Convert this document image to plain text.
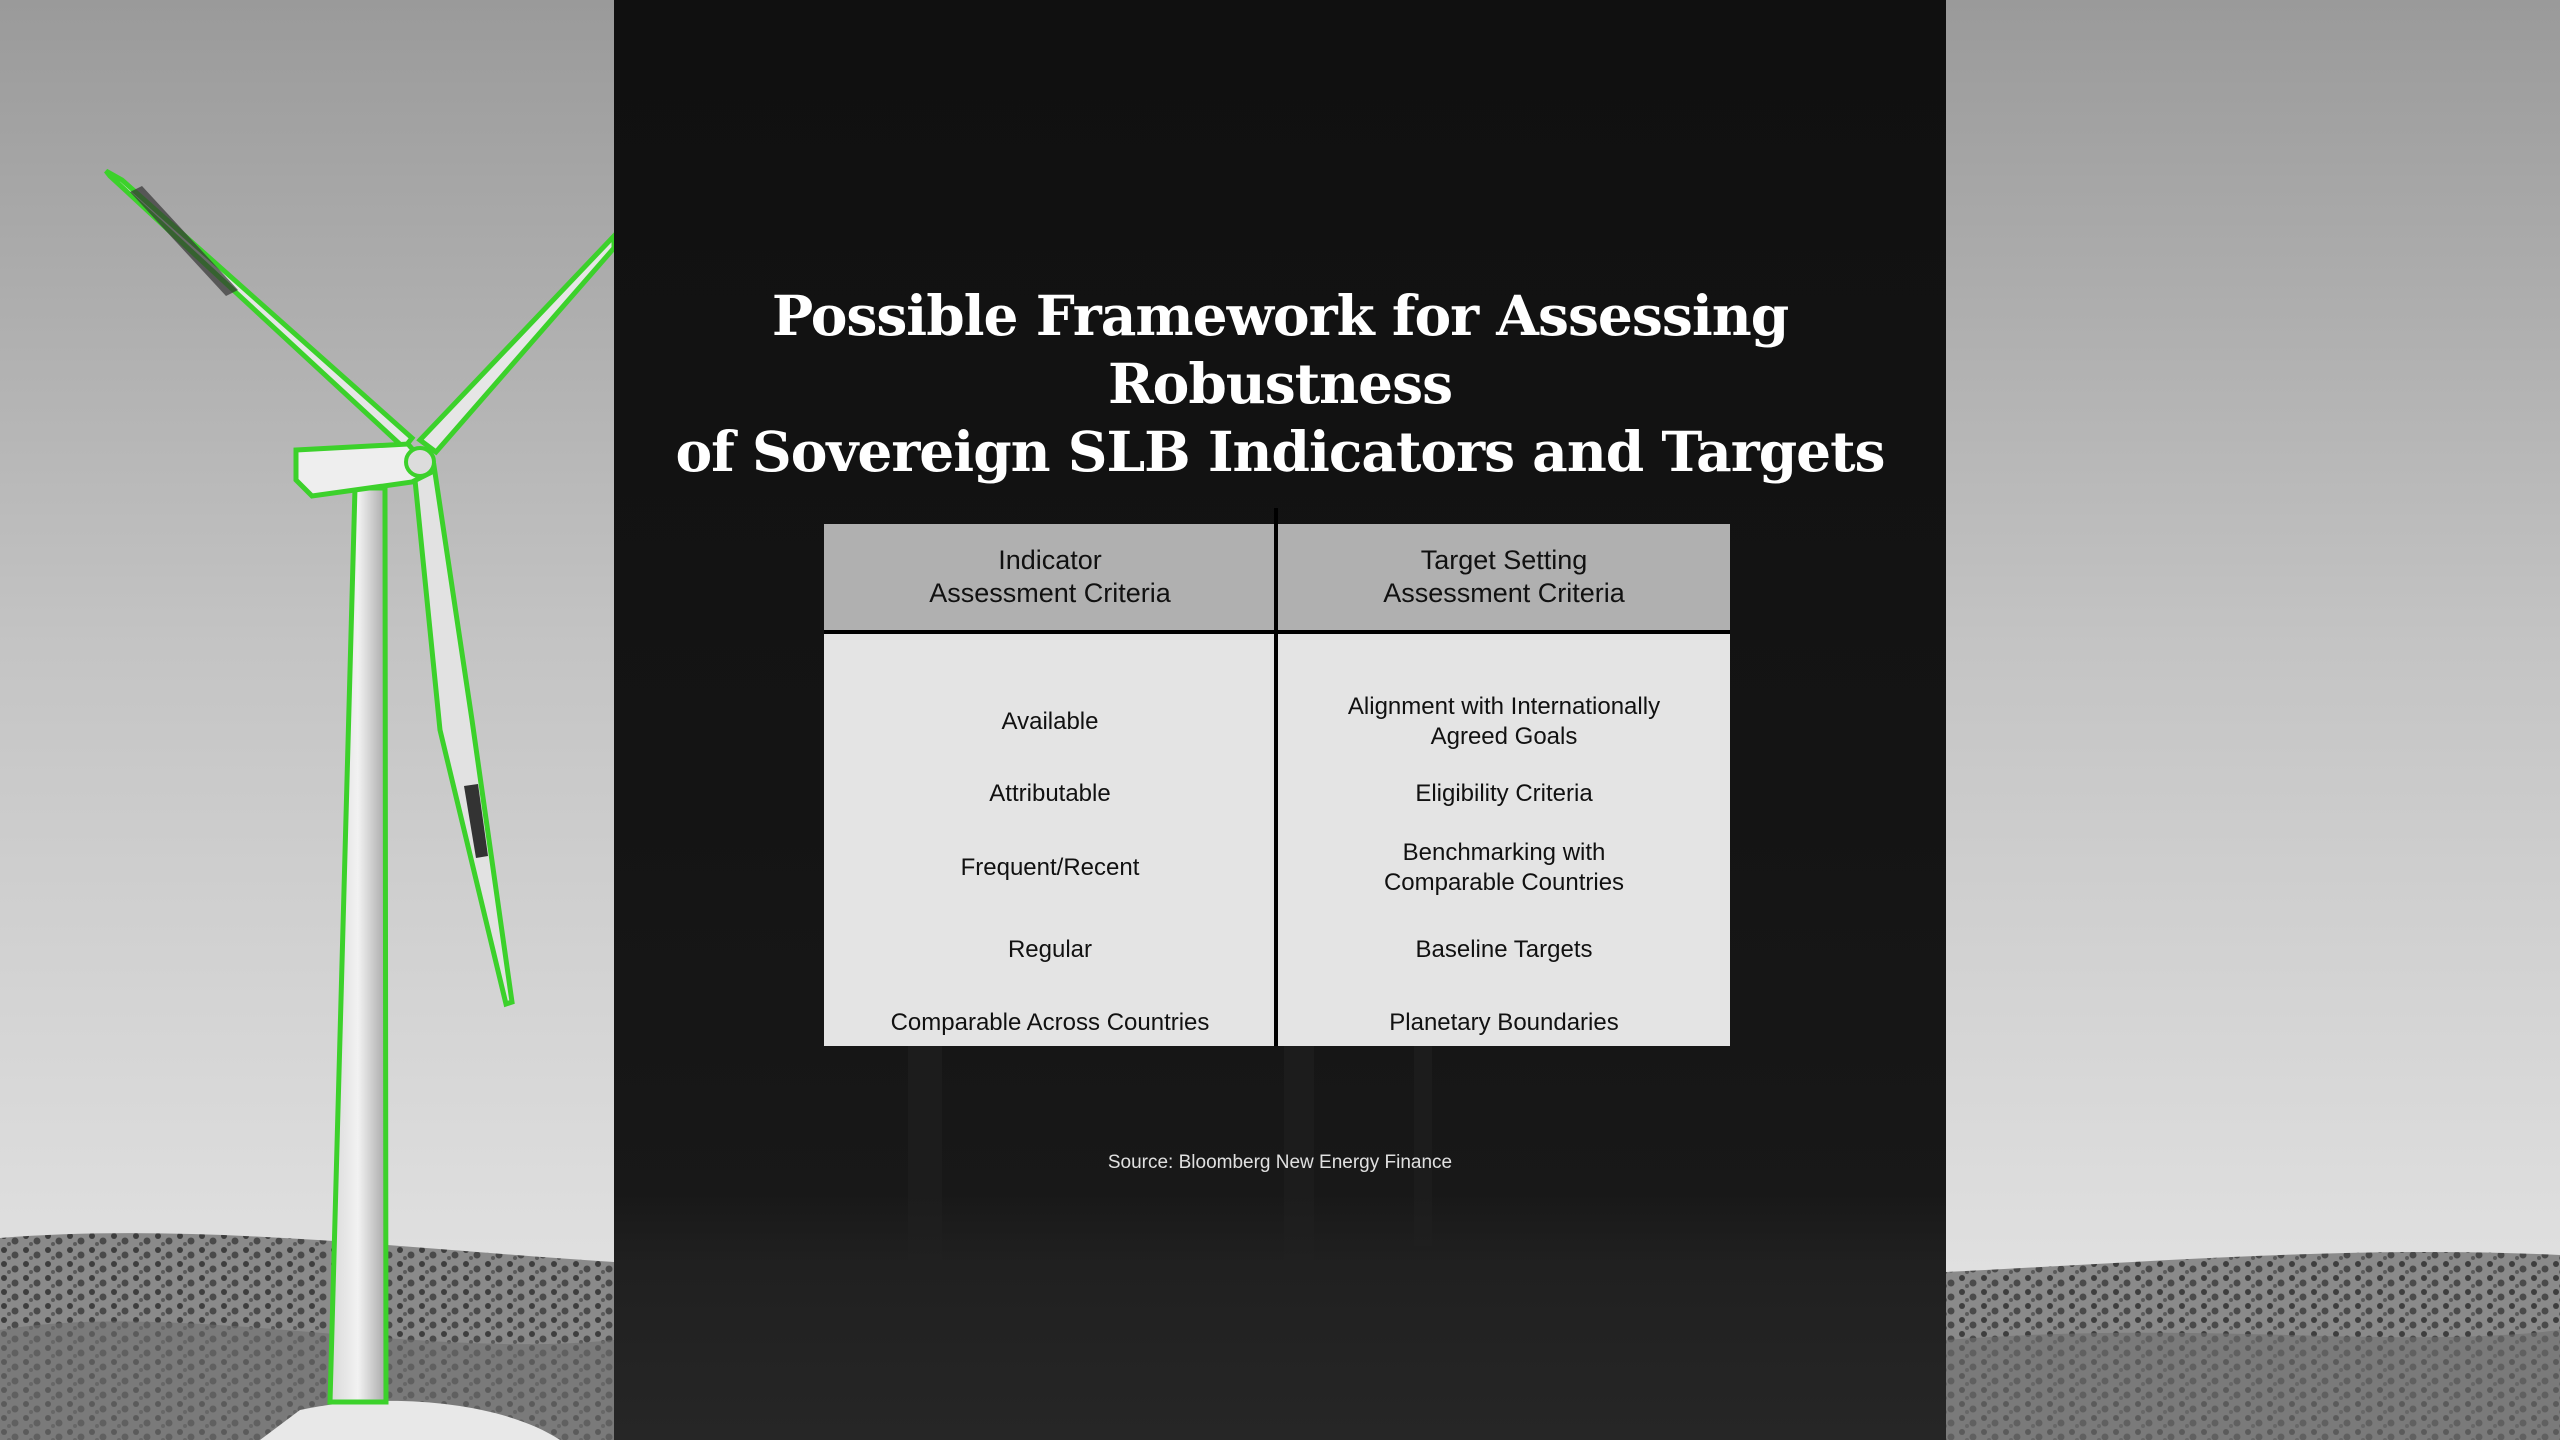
Possible Framework for Assessing Robustness
of Sovereign SLB Indicators and Targets
Indicator
Assessment Criteria
Available
Attributable
Frequent/Recent
Regular
Comparable Across Countries
Target Setting
Assessment Criteria
Alignment with Internationally
Agreed Goals
Eligibility Criteria
Benchmarking with
Comparable Countries
Baseline Targets
Planetary Boundaries
Source: Bloomberg New Energy Finance
